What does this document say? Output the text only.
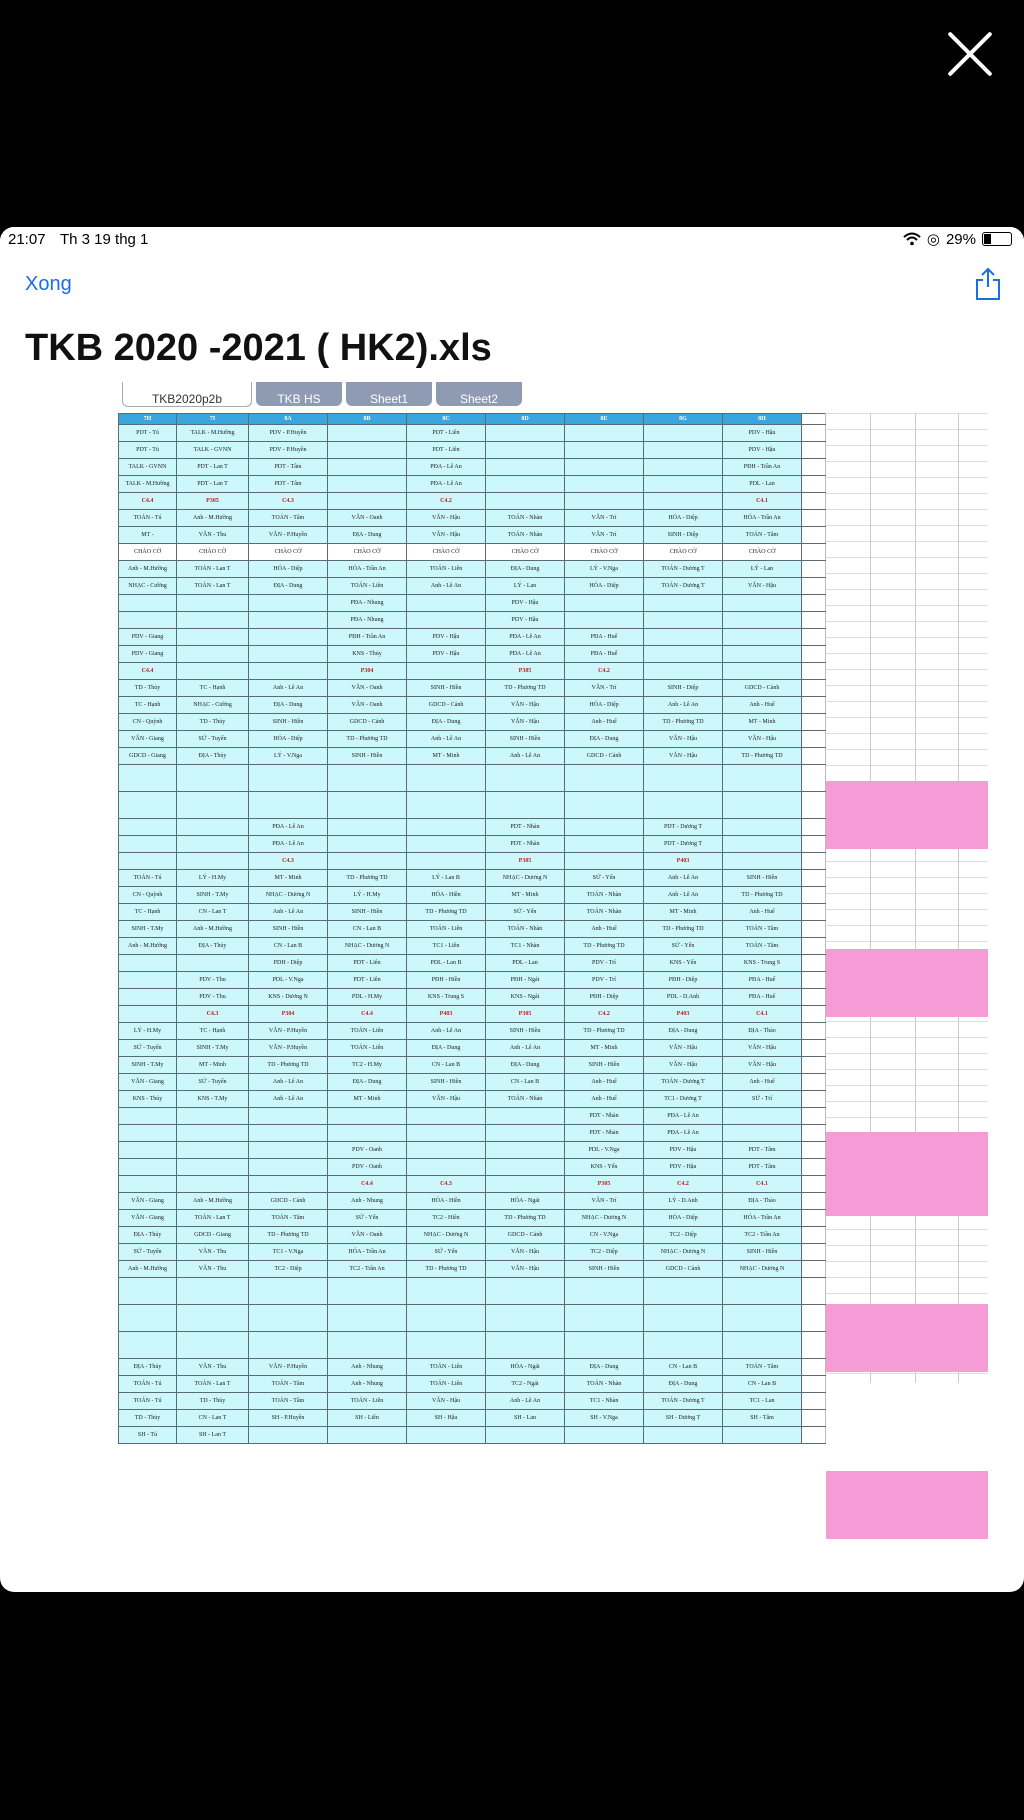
21:07 Th 3 19 thg 1	◎ 29%
Xong
TKB 2020 -2021 ( HK2).xls
TKB2020p2b	TKB HS	Sheet1	Sheet2
7H	7I	8A	8B	8C	8D	8E	8G	8H	
PDT - Tú	TALK - M.Hường	PDV - P.Huyền		PDT - Liên				PDV - Hậu	
PDT - Tú	TALK - GVNN	PDV - P.Huyền		PDT - Liên				PDV - Hậu	
TALK - GVNN	PDT - Lan T	PDT - Tâm		PĐA - Lê An				PĐH - Trần An	
TALK - M.Hường	PDT - Lan T	PDT - Tâm		PĐA - Lê An				PDL - Lan	
C4.4	P305	C4.3		C4.2				C4.1	
TOÁN - Tú	Anh - M.Hường	TOÁN - Tâm	VĂN - Oanh	VĂN - Hậu	TOÁN - Nhàn	VĂN - Trí	HÓA - Diệp	HÓA - Trần An	
MT -	VĂN - Thu	VĂN - P.Huyền	ĐỊA - Dung	VĂN - Hậu	TOÁN - Nhàn	VĂN - Trí	SINH - Diệp	TOÁN - Tâm	
CHÀO CỜ	CHÀO CỜ	CHÀO CỜ	CHÀO CỜ	CHÀO CỜ	CHÀO CỜ	CHÀO CỜ	CHÀO CỜ	CHÀO CỜ	
Anh - M.Hường	TOÁN - Lan T	HÓA - Diệp	HÓA - Trần An	TOÁN - Liên	ĐỊA - Dung	LÝ - V.Nga	TOÁN - Dương T	LÝ - Lan	
NHẠC - Cường	TOÁN - Lan T	ĐỊA - Dung	TOÁN - Liên	Anh - Lê An	LÝ - Lan	HÓA - Diệp	TOÁN - Dương T	VĂN - Hậu	
			PĐA - Nhung		PDV - Hậu				
			PĐA - Nhung		PDV - Hậu				
PDV - Giang			PĐH - Trần An	PDV - Hậu	PĐA - Lê An	PĐA - Huế			
PDV - Giang			KNS - Thủy	PDV - Hậu	PĐA - Lê An	PĐA - Huế			
C4.4			P304		P305	C4.2			
TD - Thủy	TC - Hạnh	Anh - Lê An	VĂN - Oanh	SINH - Hiền	TD - Phương TD	VĂN - Trí	SINH - Diệp	GDCD - Cảnh	
TC - Hạnh	NHẠC - Cường	ĐỊA - Dung	VĂN - Oanh	GDCD - Cảnh	VĂN - Hậu	HÓA - Diệp	Anh - Lê An	Anh - Huế	
CN - Quỳnh	TD - Thủy	SINH - Hiền	GDCD - Cảnh	ĐỊA - Dung	VĂN - Hậu	Anh - Huế	TD - Phương TD	MT - Minh	
VĂN - Giang	SỬ - Tuyến	HÓA - Diệp	TD - Phương TD	Anh - Lê An	SINH - Hiền	ĐỊA - Dung	VĂN - Hậu	VĂN - Hậu	
GDCD - Giang	ĐỊA - Thủy	LÝ - V.Nga	SINH - Hiền	MT - Minh	Anh - Lê An	GDCD - Cảnh	VĂN - Hậu	TD - Phương TD	

		PĐA - Lê An			PDT - Nhàn		PDT - Dương T		
		PĐA - Lê An			PDT - Nhàn		PDT - Dương T		
		C4.3			P305		P403		
TOÁN - Tú	LÝ - H.My	MT - Minh	TD - Phương TD	LÝ - Lan B	NHẠC - Dương N	SỬ - Yến	Anh - Lê An	SINH - Hiền	
CN - Quỳnh	SINH - T.My	NHẠC - Dương N	LÝ - H.My	HÓA - Hiền	MT - Minh	TOÁN - Nhàn	Anh - Lê An	TD - Phương TD	
TC - Hạnh	CN - Lan T	Anh - Lê An	SINH - Hiền	TD - Phương TD	SỬ - Yến	TOÁN - Nhàn	MT - Minh	Anh - Huế	
SINH - T.My	Anh - M.Hường	SINH - Hiền	CN - Lan B	TOÁN - Liên	TOÁN - Nhàn	Anh - Huế	TD - Phương TD	TOÁN - Tâm	
Anh - M.Hường	ĐỊA - Thủy	CN - Lan B	NHẠC - Dương N	TC1 - Liên	TC1 - Nhàn	TD - Phương TD	SỬ - Yến	TOÁN - Tâm	
		PDH - Diệp	PDT - Liên	PDL - Lan B	PDL - Lan	PDV - Trí	KNS - Yến	KNS - Trung S	
	PDV - Thu	PDL - V.Nga	PDT - Liên	PĐH - Hiền	PĐH - Ngát	PDV - Trí	PĐH - Diệp	PĐA - Huế	
	PDV - Thu	KNS - Dương N	PDL - H.My	KNS - Trung S	KNS - Ngát	PĐH - Diệp	PDL - D.Anh	PĐA - Huế	
	C4.3	P304	C4.4	P403	P305	C4.2	P403	C4.1	
LÝ - H.My	TC - Hạnh	VĂN - P.Huyền	TOÁN - Liên	Anh - Lê An	SINH - Hiền	TD - Phương TD	ĐỊA - Dung	ĐỊA - Thảo	
SỬ - Tuyến	SINH - T.My	VĂN - P.Huyền	TOÁN - Liên	ĐỊA - Dung	Anh - Lê An	MT - Minh	VĂN - Hậu	VĂN - Hậu	
SINH - T.My	MT - Minh	TD - Phương TD	TC2 - H.My	CN - Lan B	ĐỊA - Dung	SINH - Hiền	VĂN - Hậu	VĂN - Hậu	
VĂN - Giang	SỬ - Tuyến	Anh - Lê An	ĐỊA - Dung	SINH - Hiền	CN - Lan B	Anh - Huế	TOÁN - Dương T	Anh - Huế	
KNS - Thủy	KNS - T.My	Anh - Lê An	MT - Minh	VĂN - Hậu	TOÁN - Nhàn	Anh - Huế	TC1 - Dương T	SỬ - Trí	
						PDT - Nhàn	PĐA - Lê An		
						PDT - Nhàn	PĐA - Lê An		
			PDV - Oanh			PDL - V.Nga	PDV - Hậu	PDT - Tâm	
			PDV - Oanh			KNS - Yến	PDV - Hậu	PDT - Tâm	
			C4.4	C4.3		P305	C4.2	C4.1	
VĂN - Giang	Anh - M.Hường	GDCD - Cảnh	Anh - Nhung	HÓA - Hiền	HÓA - Ngát	VĂN - Trí	LÝ - D.Anh	ĐỊA - Thảo	
VĂN - Giang	TOÁN - Lan T	TOÁN - Tâm	SỬ - Yến	TC2 - Hiền	TD - Phương TD	NHẠC - Dương N	HÓA - Diệp	HÓA - Trần An	
ĐỊA - Thủy	GDCD - Giang	TD - Phương TD	VĂN - Oanh	NHẠC - Dương N	GDCD - Cảnh	CN - V.Nga	TC2 - Diệp	TC2 - Trần An	
SỬ - Tuyến	VĂN - Thu	TC1 - V.Nga	HÓA - Trần An	SỬ - Yến	VĂN - Hậu	TC2 - Diệp	NHẠC - Dương N	SINH - Hiền	
Anh - M.Hường	VĂN - Thu	TC2 - Diệp	TC2 - Trần An	TD - Phương TD	VĂN - Hậu	SINH - Hiền	GDCD - Cảnh	NHẠC - Dương N	

ĐỊA - Thủy	VĂN - Thu	VĂN - P.Huyền	Anh - Nhung	TOÁN - Liên	HÓA - Ngát	ĐỊA - Dung	CN - Lan B	TOÁN - Tâm	
TOÁN - Tú	TOÁN - Lan T	TOÁN - Tâm	Anh - Nhung	TOÁN - Liên	TC2 - Ngát	TOÁN - Nhàn	ĐỊA - Dung	CN - Lan B	
TOÁN - Tú	TD - Thủy	TOÁN - Tâm	TOÁN - Liên	VĂN - Hậu	Anh - Lê An	TC1 - Nhàn	TOÁN - Dương T	TC1 - Lan	
TD - Thủy	CN - Lan T	SH - P.Huyền	SH - Liên	SH - Hậu	SH - Lan	SH - V.Nga	SH - Dương T	SH - Tâm	
SH - Tú	SH - Lan T								
